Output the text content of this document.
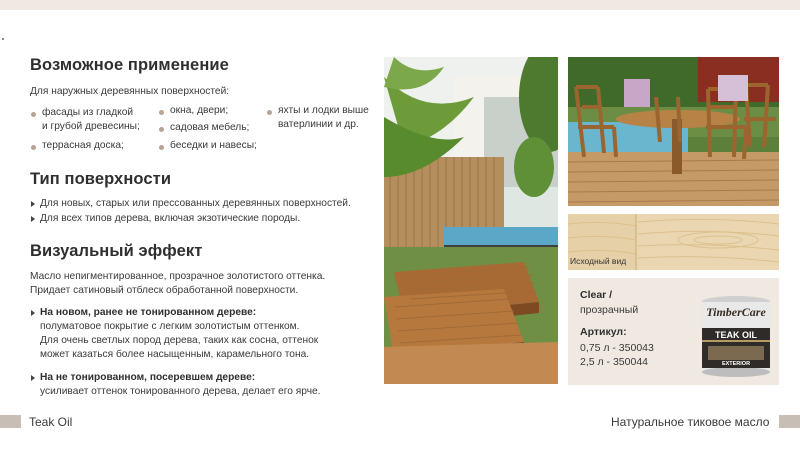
Возможное применение
Для наружных деревянных поверхностей:
фасады из гладкой
и грубой древесины;
террасная доска;
окна, двери;
садовая мебель;
беседки и навесы;
яхты и лодки выше
ватерлинии и др.
Тип поверхности
Для новых, старых или прессованных деревянных поверхностей.
Для всех типов дерева, включая экзотические породы.
Визуальный эффект
Масло непигментированное, прозрачное золотистого оттенка.
Придает сатиновый отблеск обработанной поверхности.
На новом, ранее не тонированном дереве:
полуматовое покрытие с легким золотистым оттенком.
Для очень светлых пород дерева, таких как сосна, оттенок
может казаться более насыщенным, карамельного тона.
На не тонированном, посеревшем дереве:
усиливает оттенок тонированного дерева, делает его ярче.
Исходный вид
Clear /
прозрачный
Артикул:
0,75 л - 350043
2,5 л - 350044
TimberCare
TEAK OIL
EXTERIOR
Teak Oil	Натуральное тиковое масло
